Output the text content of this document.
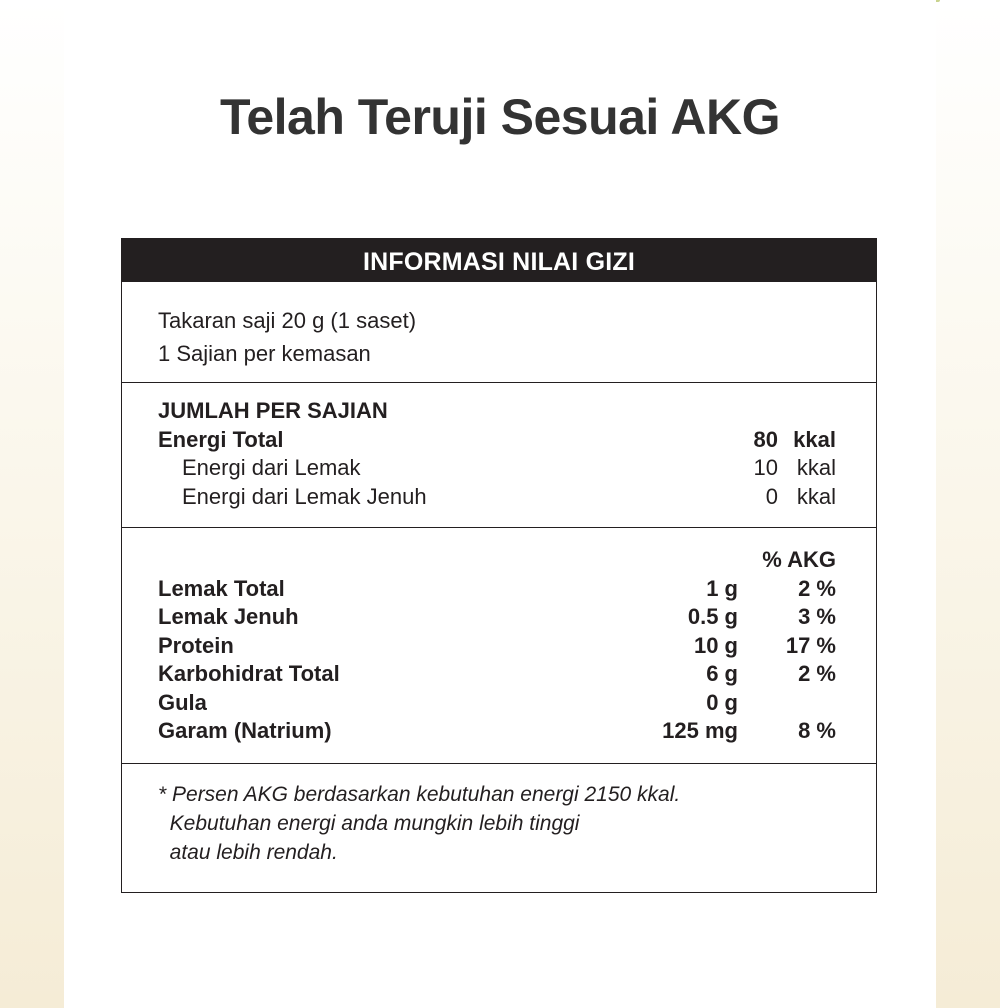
Telah Teruji Sesuai AKG
INFORMASI NILAI GIZI
Takaran saji 20 g (1 saset)
1 Sajian per kemasan
JUMLAH PER SAJIAN
Energi Total	80 kkal
Energi dari Lemak	10 kkal
Energi dari Lemak Jenuh	0 kkal
% AKG
Lemak Total	1 g	2 %
Lemak Jenuh	0.5 g	3 %
Protein	10 g	17 %
Karbohidrat Total	6 g	2 %
Gula	0 g
Garam (Natrium)	125 mg	8 %
* Persen AKG berdasarkan kebutuhan energi 2150 kkal.
Kebutuhan energi anda mungkin lebih tinggi
atau lebih rendah.
